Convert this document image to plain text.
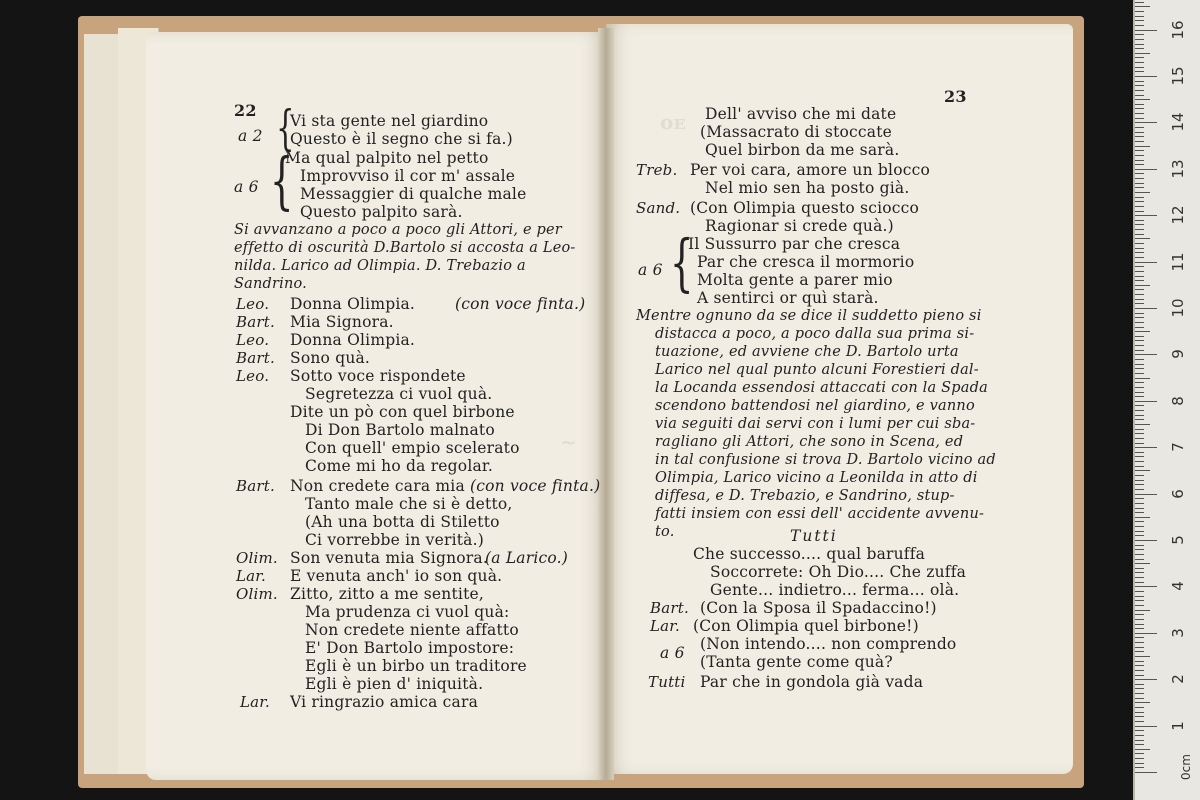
0cm
1
2
3
4
5
6
7
8
9
10
11
12
13
14
15
16
ᴏᴇ
~
22
a 2 {
Vi sta gente nel giardino
Questo è il segno che si fa.)
a 6 {
Ma qual palpito nel petto
Improvviso il cor m' assale
Messaggier di qualche male
Questo palpito sarà.
Si avvanzano a poco a poco gli Attori, e per
effetto di oscurità D.Bartolo si accosta a Leo-
nilda. Larico ad Olimpia. D. Trebazio a
Sandrino.
Leo. Donna Olimpia.	(con voce finta.)
Bart. Mia Signora.
Leo. Donna Olimpia.
Bart. Sono quà.
Leo. Sotto voce rispondete
Segretezza ci vuol quà.
Dite un pò con quel birbone
Di Don Bartolo malnato
Con quell' empio scelerato
Come mi ho da regolar.
Bart. Non credete cara mia (con voce finta.)
Tanto male che si è detto,
(Ah una botta di Stiletto
Ci vorrebbe in verità.)
Olim. Son venuta mia Signora.
(a Larico.)
Lar. E venuta anch' io son quà.
Olim. Zitto, zitto a me sentite,
Ma prudenza ci vuol quà:
Non credete niente affatto
E' Don Bartolo impostore:
Egli è un birbo un traditore
Egli è pien d' iniquità.
Lar. Vi ringrazio amica cara
23
Dell' avviso che mi date
(Massacrato di stoccate
Quel birbon da me sarà.
Treb. Per voi cara, amore un blocco
Nel mio sen ha posto già.
Sand. (Con Olimpia questo sciocco
Ragionar si crede quà.)
a 6 {
Il Sussurro par che cresca
Par che cresca il mormorio
Molta gente a parer mio
A sentirci or quì starà.
Mentre ognuno da se dice il suddetto pieno si
distacca a poco, a poco dalla sua prima si-
tuazione, ed avviene che D. Bartolo urta
Larico nel qual punto alcuni Forestieri dal-
la Locanda essendosi attaccati con la Spada
scendono battendosi nel giardino, e vanno
via seguiti dai servi con i lumi per cui sba-
ragliano gli Attori, che sono in Scena, ed
in tal confusione si trova D. Bartolo vicino ad
Olimpia, Larico vicino a Leonilda in atto di
diffesa, e D. Trebazio, e Sandrino, stup-
fatti insiem con essi dell' accidente avvenu-
to.	Tutti
Che successo.... qual baruffa
Soccorrete: Oh Dio.... Che zuffa
Gente... indietro... ferma... olà.
Bart. (Con la Sposa il Spadaccino!)
Lar. (Con Olimpia quel birbone!)
a 6 (Non intendo.... non comprendo
(Tanta gente come quà?
Tutti Par che in gondola già vada
